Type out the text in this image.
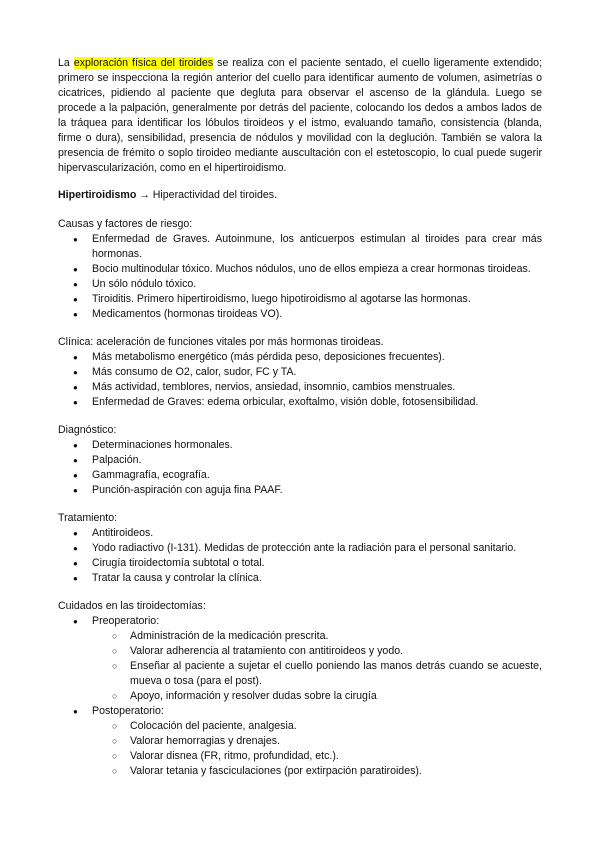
La exploración física del tiroides se realiza con el paciente sentado, el cuello ligeramente extendido; primero se inspecciona la región anterior del cuello para identificar aumento de volumen, asimetrías o cicatrices, pidiendo al paciente que degluta para observar el ascenso de la glándula. Luego se procede a la palpación, generalmente por detrás del paciente, colocando los dedos a ambos lados de la tráquea para identificar los lóbulos tiroideos y el istmo, evaluando tamaño, consistencia (blanda, firme o dura), sensibilidad, presencia de nódulos y movilidad con la deglución. También se valora la presencia de frémito o soplo tiroideo mediante auscultación con el estetoscopio, lo cual puede sugerir hipervascularización, como en el hipertiroidismo.

Hipertiroidismo → Hiperactividad del tiroides.

Causas y factores de riesgo:

● Enfermedad de Graves. Autoinmune, los anticuerpos estimulan al tiroides para crear más hormonas.
● Bocio multinodular tóxico. Muchos nódulos, uno de ellos empieza a crear hormonas tiroideas.
● Un sólo nódulo tóxico.
● Tiroiditis. Primero hipertiroidismo, luego hipotiroidismo al agotarse las hormonas.
● Medicamentos (hormonas tiroideas VO).

Clínica: aceleración de funciones vitales por más hormonas tiroideas.

● Más metabolismo energético (más pérdida peso, deposiciones frecuentes).
● Más consumo de O2, calor, sudor, FC y TA.
● Más actividad, temblores, nervios, ansiedad, insomnio, cambios menstruales.
● Enfermedad de Graves: edema orbicular, exoftalmo, visión doble, fotosensibilidad.

Diagnóstico:

● Determinaciones hormonales.
● Palpación.
● Gammagrafía, ecografía.
● Punción-aspiración con aguja fina PAAF.

Tratamiento:

● Antitiroideos.
● Yodo radiactivo (I-131). Medidas de protección ante la radiación para el personal sanitario.
● Cirugía tiroidectomía subtotal o total.
● Tratar la causa y controlar la clínica.

Cuidados en las tiroidectomías:

● Preoperatorio:
○ Administración de la medicación prescrita.
○ Valorar adherencia al tratamiento con antitiroideos y yodo.
○ Enseñar al paciente a sujetar el cuello poniendo las manos detrás cuando se acueste, mueva o tosa (para el post).
○ Apoyo, información y resolver dudas sobre la cirugía
● Postoperatorio:
○ Colocación del paciente, analgesia.
○ Valorar hemorragias y drenajes.
○ Valorar disnea (FR, ritmo, profundidad, etc.).
○ Valorar tetania y fasciculaciones (por extirpación paratiroides).
